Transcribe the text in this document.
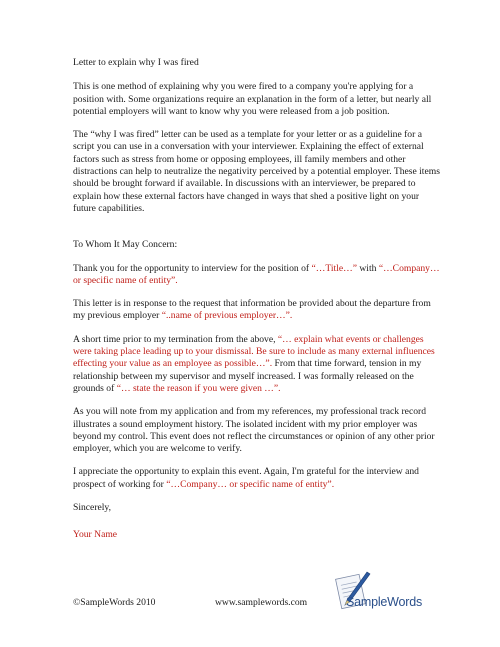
Letter to explain why I was fired

This is one method of explaining why you were fired to a company you're applying for a position with. Some organizations require an explanation in the form of a letter, but nearly all potential employers will want to know why you were released from a job position.

The “why I was fired” letter can be used as a template for your letter or as a guideline for a script you can use in a conversation with your interviewer. Explaining the effect of external factors such as stress from home or opposing employees, ill family members and other distractions can help to neutralize the negativity perceived by a potential employer. These items should be brought forward if available. In discussions with an interviewer, be prepared to explain how these external factors have changed in ways that shed a positive light on your future capabilities.

To Whom It May Concern:

Thank you for the opportunity to interview for the position of “…Title…” with “…Company… or specific name of entity”.

This letter is in response to the request that information be provided about the departure from my previous employer “..name of previous employer…”.

A short time prior to my termination from the above, “… explain what events or challenges were taking place leading up to your dismissal. Be sure to include as many external influences effecting your value as an employee as possible…”. From that time forward, tension in my relationship between my supervisor and myself increased. I was formally released on the grounds of “… state the reason if you were given …”.

As you will note from my application and from my references, my professional track record illustrates a sound employment history. The isolated incident with my prior employer was beyond my control. This event does not reflect the circumstances or opinion of any other prior employer, which you are welcome to verify.

I appreciate the opportunity to explain this event. Again, I'm grateful for the interview and prospect of working for “…Company… or specific name of entity”.

Sincerely,

Your Name

©SampleWords 2010	www.samplewords.com	SampleWords
